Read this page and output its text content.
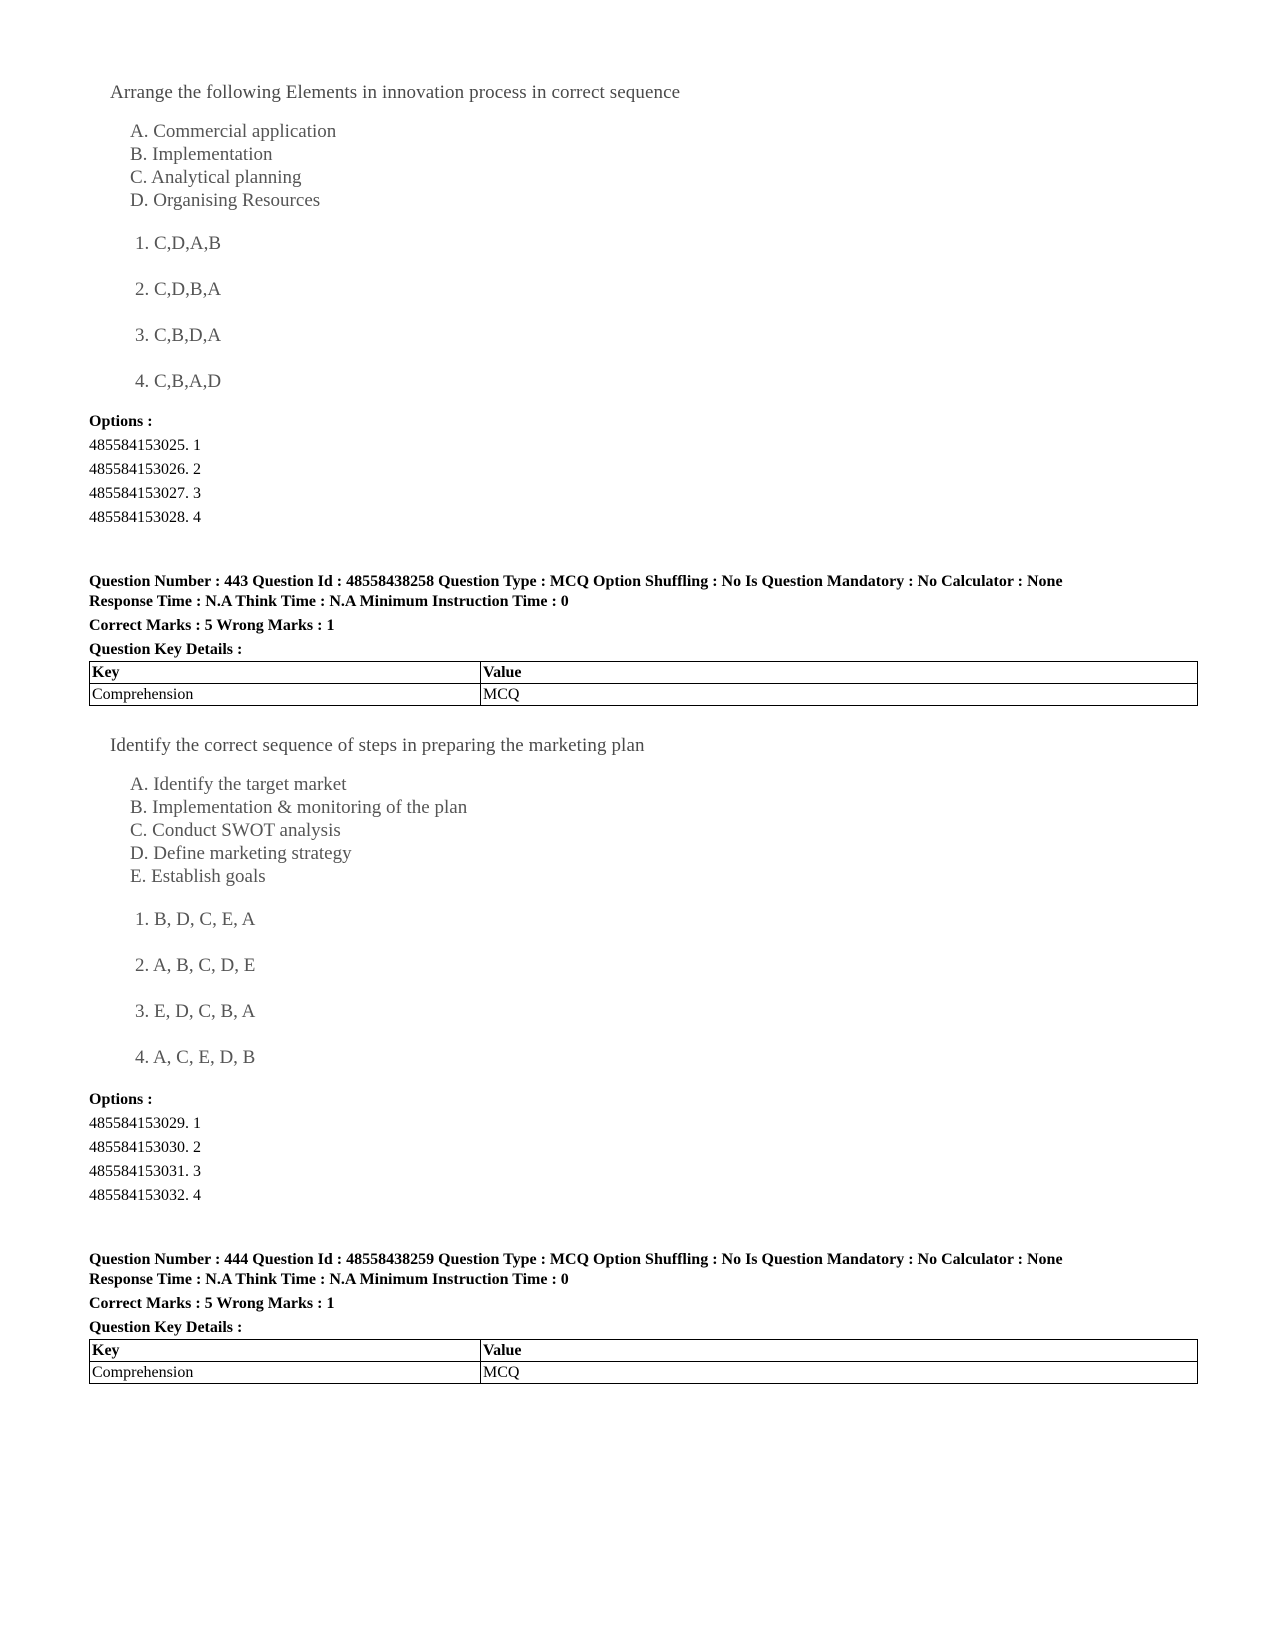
Arrange the following Elements in innovation process in correct sequence
A. Commercial application
B. Implementation
C. Analytical planning
D. Organising Resources
1. C,D,A,B
2. C,D,B,A
3. C,B,D,A
4. C,B,A,D
Options :
485584153025. 1
485584153026. 2
485584153027. 3
485584153028. 4
Question Number : 443 Question Id : 48558438258 Question Type : MCQ Option Shuffling : No Is Question Mandatory : No Calculator : None
Response Time : N.A Think Time : N.A Minimum Instruction Time : 0
Correct Marks : 5 Wrong Marks : 1
Question Key Details :
Key	Value
Comprehension	MCQ
Identify the correct sequence of steps in preparing the marketing plan
A. Identify the target market
B. Implementation & monitoring of the plan
C. Conduct SWOT analysis
D. Define marketing strategy
E. Establish goals
1. B, D, C, E, A
2. A, B, C, D, E
3. E, D, C, B, A
4. A, C, E, D, B
Options :
485584153029. 1
485584153030. 2
485584153031. 3
485584153032. 4
Question Number : 444 Question Id : 48558438259 Question Type : MCQ Option Shuffling : No Is Question Mandatory : No Calculator : None
Response Time : N.A Think Time : N.A Minimum Instruction Time : 0
Correct Marks : 5 Wrong Marks : 1
Question Key Details :
Key	Value
Comprehension	MCQ
